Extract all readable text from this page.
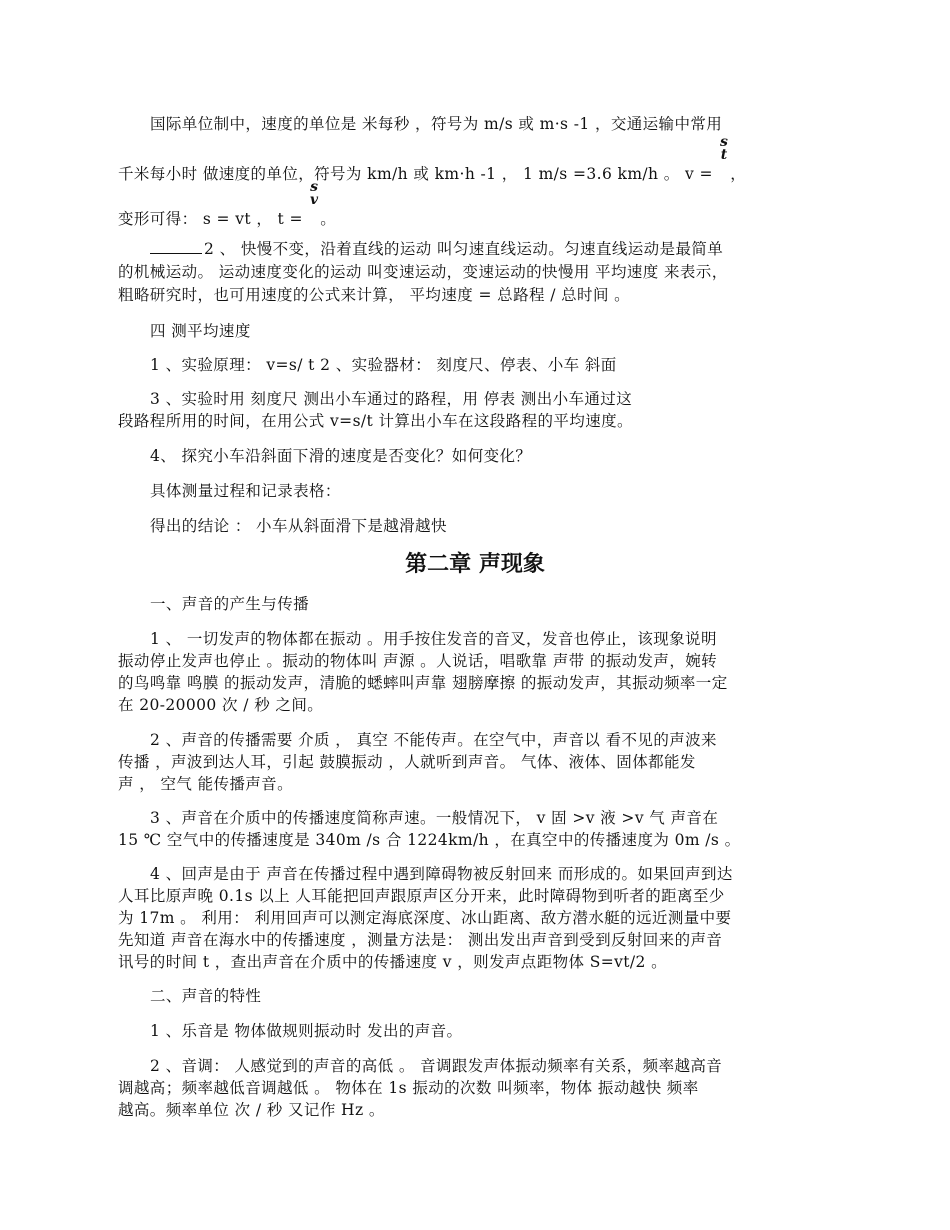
国际单位制中，速度的单位是 米每秒 ，符号为 m/s 或 m·s -1 ，交通运输中常用
千米每小时 做速度的单位，符号为 km/h 或 km·h -1 ， 1 m/s =3.6 km/h 。 v =
s
t
，
变形可得： s = vt ， t =
s
v
。
2 、 快慢不变，沿着直线的运动 叫匀速直线运动。匀速直线运动是最简单
的机械运动。 运动速度变化的运动 叫变速运动，变速运动的快慢用 平均速度 来表示，
粗略研究时，也可用速度的公式来计算， 平均速度 = 总路程 / 总时间 。
四 测平均速度
1 、实验原理： v=s/ t 2 、实验器材： 刻度尺、停表、小车 斜面
3 、实验时用 刻度尺 测出小车通过的路程，用 停表 测出小车通过这
段路程所用的时间，在用公式 v=s/t 计算出小车在这段路程的平均速度。
4、 探究小车沿斜面下滑的速度是否变化？如何变化？
具体测量过程和记录表格：
得出的结论 ： 小车从斜面滑下是越滑越快
第二章 声现象
一、声音的产生与传播
1 、 一切发声的物体都在振动 。用手按住发音的音叉，发音也停止，该现象说明
振动停止发声也停止 。振动的物体叫 声源 。人说话，唱歌靠 声带 的振动发声，婉转
的鸟鸣靠 鸣膜 的振动发声，清脆的蟋蟀叫声靠 翅膀摩擦 的振动发声，其振动频率一定
在 20-20000 次 / 秒 之间。
2 、声音的传播需要 介质 ， 真空 不能传声。在空气中，声音以 看不见的声波来
传播 ，声波到达人耳，引起 鼓膜振动 ，人就听到声音。 气体、液体、固体都能发
声 ， 空气 能传播声音。
3 、声音在介质中的传播速度简称声速。一般情况下， v 固 >v 液 >v 气 声音在
15 ℃ 空气中的传播速度是 340m /s 合 1224km/h ，在真空中的传播速度为 0m /s 。
4 、回声是由于 声音在传播过程中遇到障碍物被反射回来 而形成的。如果回声到达
人耳比原声晚 0.1s 以上 人耳能把回声跟原声区分开来，此时障碍物到听者的距离至少
为 17m 。 利用： 利用回声可以测定海底深度、冰山距离、敌方潜水艇的远近测量中要
先知道 声音在海水中的传播速度 ，测量方法是： 测出发出声音到受到反射回来的声音
讯号的时间 t ，查出声音在介质中的传播速度 v ，则发声点距物体 S=vt/2 。
二、声音的特性
1 、乐音是 物体做规则振动时 发出的声音。
2 、音调： 人感觉到的声音的高低 。 音调跟发声体振动频率有关系，频率越高音
调越高；频率越低音调越低 。 物体在 1s 振动的次数 叫频率，物体 振动越快 频率
越高。频率单位 次 / 秒 又记作 Hz 。
